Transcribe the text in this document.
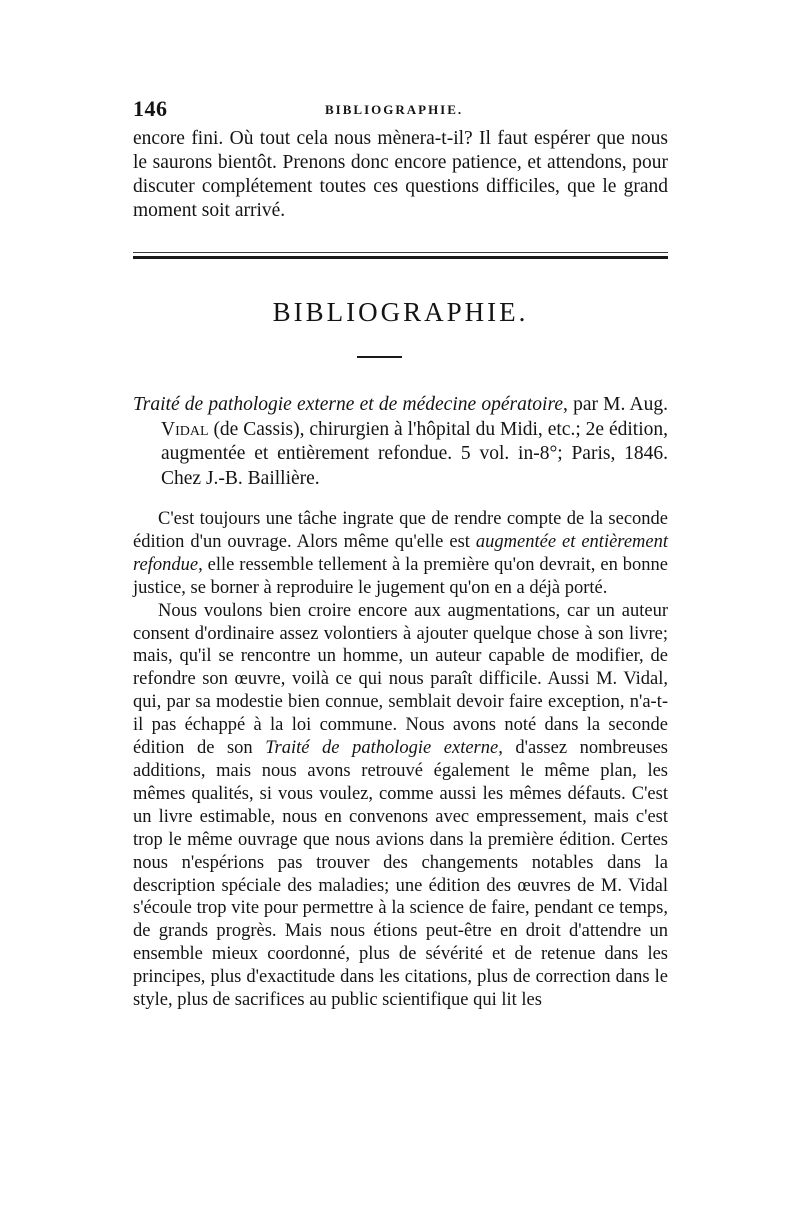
146	BIBLIOGRAPHIE.

encore fini. Où tout cela nous mènera-t-il? Il faut espérer que nous le saurons bientôt. Prenons donc encore patience, et attendons, pour discuter complétement toutes ces questions difficiles, que le grand moment soit arrivé.

BIBLIOGRAPHIE.
Traité de pathologie externe et de médecine opératoire, par M. Aug. Vidal (de Cassis), chirurgien à l'hôpital du Midi, etc.; 2e édition, augmentée et entièrement refondue. 5 vol. in-8°; Paris, 1846. Chez J.-B. Baillière.

C'est toujours une tâche ingrate que de rendre compte de la seconde édition d'un ouvrage. Alors même qu'elle est augmentée et entièrement refondue, elle ressemble tellement à la première qu'on devrait, en bonne justice, se borner à reproduire le jugement qu'on en a déjà porté.

Nous voulons bien croire encore aux augmentations, car un auteur consent d'ordinaire assez volontiers à ajouter quelque chose à son livre; mais, qu'il se rencontre un homme, un auteur capable de modifier, de refondre son œuvre, voilà ce qui nous paraît difficile. Aussi M. Vidal, qui, par sa modestie bien connue, semblait devoir faire exception, n'a-t-il pas échappé à la loi commune. Nous avons noté dans la seconde édition de son Traité de pathologie externe, d'assez nombreuses additions, mais nous avons retrouvé également le même plan, les mêmes qualités, si vous voulez, comme aussi les mêmes défauts. C'est un livre estimable, nous en convenons avec empressement, mais c'est trop le même ouvrage que nous avions dans la première édition. Certes nous n'espérions pas trouver des changements notables dans la description spéciale des maladies; une édition des œuvres de M. Vidal s'écoule trop vite pour permettre à la science de faire, pendant ce temps, de grands progrès. Mais nous étions peut-être en droit d'attendre un ensemble mieux coordonné, plus de sévérité et de retenue dans les principes, plus d'exactitude dans les citations, plus de correction dans le style, plus de sacrifices au public scientifique qui lit les
